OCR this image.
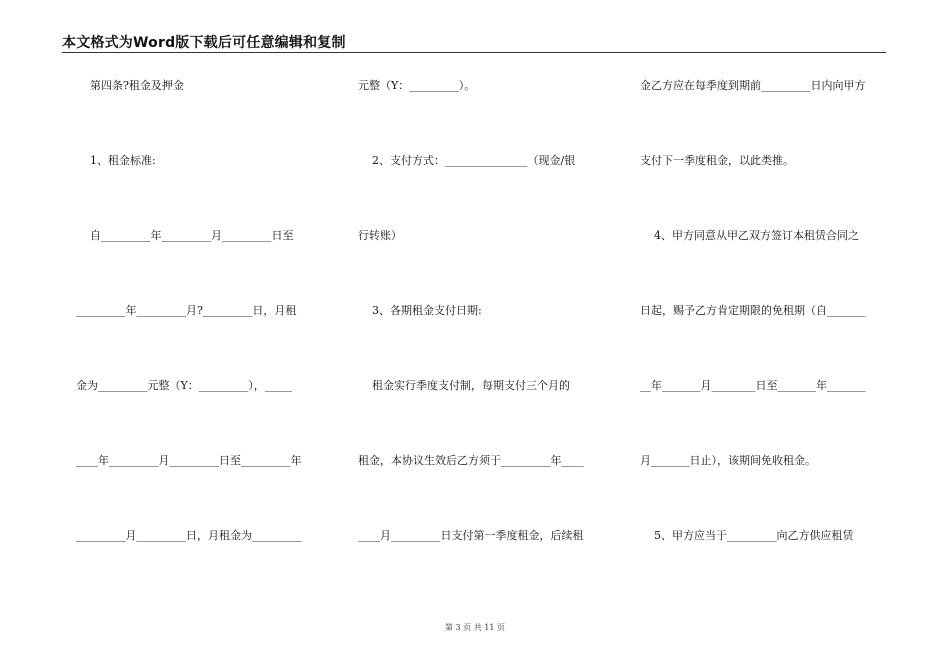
本文格式为Word版下载后可任意编辑和复制
第四条?租金及押金
1、租金标准:
自_________年_________月_________日至
_________年_________月?_________日，月租
金为_________元整（Y：_________），_____
____年_________月_________日至_________年
_________月_________日，月租金为_________
元整（Y：_________）。
2、支付方式：_______________（现金/银
行转账）
3、各期租金支付日期:
租金实行季度支付制，每期支付三个月的
租金，本协议生效后乙方须于_________年____
____月_________日支付第一季度租金，后续租
金乙方应在每季度到期前_________日内向甲方
支付下一季度租金，以此类推。
4、甲方同意从甲乙双方签订本租赁合同之
日起，赐予乙方肯定期限的免租期（自_______
__年_______月________日至_______年_______
月_______日止），该期间免收租金。
5、甲方应当于_________向乙方供应租赁
第 3 页 共 11 页
